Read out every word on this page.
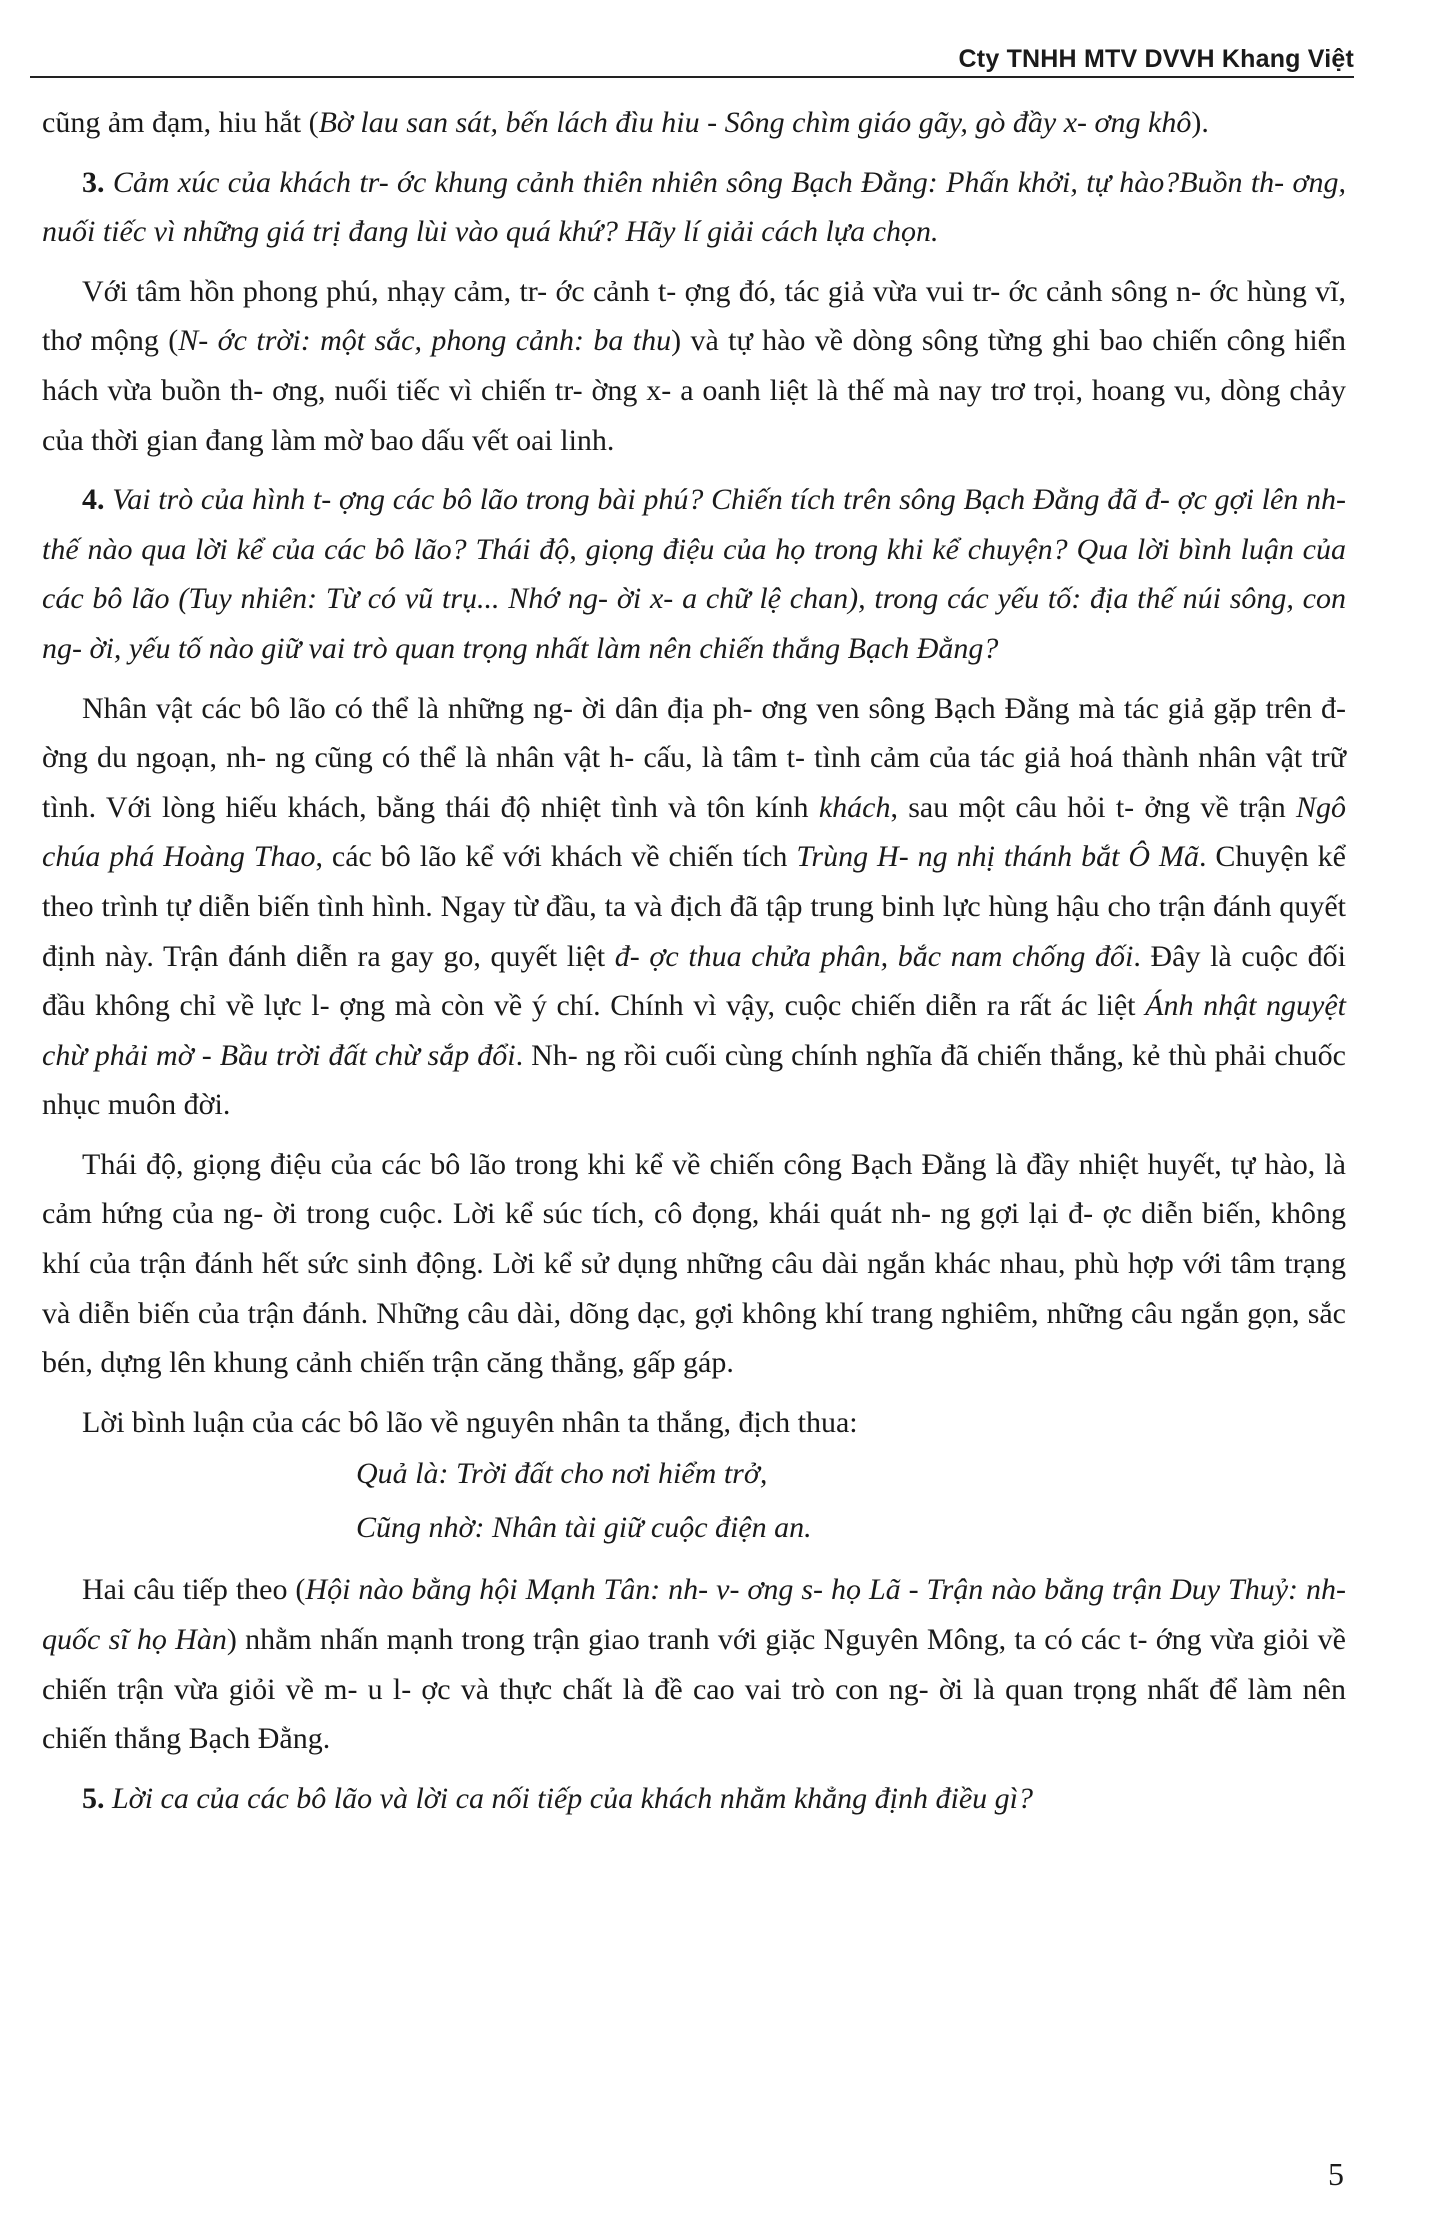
Cty TNHH MTV DVVH Khang Việt

cũng ảm đạm, hiu hắt (Bờ lau san sát, bến lách đìu hiu - Sông chìm giáo gãy, gò đầy x- ơng khô).

3. Cảm xúc của khách tr- ớc khung cảnh thiên nhiên sông Bạch Đằng: Phấn khởi, tự hào?Buồn th- ơng, nuối tiếc vì những giá trị đang lùi vào quá khứ? Hãy lí giải cách lựa chọn.

Với tâm hồn phong phú, nhạy cảm, tr- ớc cảnh t- ợng đó, tác giả vừa vui tr- ớc cảnh sông n- ớc hùng vĩ, thơ mộng (N- ớc trời: một sắc, phong cảnh: ba thu) và tự hào về dòng sông từng ghi bao chiến công hiển hách vừa buồn th- ơng, nuối tiếc vì chiến tr- ờng x- a oanh liệt là thế mà nay trơ trọi, hoang vu, dòng chảy của thời gian đang làm mờ bao dấu vết oai linh.

4. Vai trò của hình t- ợng các bô lão trong bài phú? Chiến tích trên sông Bạch Đằng đã đ- ợc gợi lên nh- thế nào qua lời kể của các bô lão? Thái độ, giọng điệu của họ trong khi kể chuyện? Qua lời bình luận của các bô lão (Tuy nhiên: Từ có vũ trụ... Nhớ ng- ời x- a chữ lệ chan), trong các yếu tố: địa thế núi sông, con ng- ời, yếu tố nào giữ vai trò quan trọng nhất làm nên chiến thắng Bạch Đằng?

Nhân vật các bô lão có thể là những ng- ời dân địa ph- ơng ven sông Bạch Đằng mà tác giả gặp trên đ- ờng du ngoạn, nh- ng cũng có thể là nhân vật h- cấu, là tâm t- tình cảm của tác giả hoá thành nhân vật trữ tình. Với lòng hiếu khách, bằng thái độ nhiệt tình và tôn kính khách, sau một câu hỏi t- ởng về trận Ngô chúa phá Hoàng Thao, các bô lão kể với khách về chiến tích Trùng H- ng nhị thánh bắt Ô Mã. Chuyện kể theo trình tự diễn biến tình hình. Ngay từ đầu, ta và địch đã tập trung binh lực hùng hậu cho trận đánh quyết định này. Trận đánh diễn ra gay go, quyết liệt đ- ợc thua chửa phân, bắc nam chống đối. Đây là cuộc đối đầu không chỉ về lực l- ợng mà còn về ý chí. Chính vì vậy, cuộc chiến diễn ra rất ác liệt Ánh nhật nguyệt chừ phải mờ - Bầu trời đất chừ sắp đổi. Nh- ng rồi cuối cùng chính nghĩa đã chiến thắng, kẻ thù phải chuốc nhục muôn đời.

Thái độ, giọng điệu của các bô lão trong khi kể về chiến công Bạch Đằng là đầy nhiệt huyết, tự hào, là cảm hứng của ng- ời trong cuộc. Lời kể súc tích, cô đọng, khái quát nh- ng gợi lại đ- ợc diễn biến, không khí của trận đánh hết sức sinh động. Lời kể sử dụng những câu dài ngắn khác nhau, phù hợp với tâm trạng và diễn biến của trận đánh. Những câu dài, dõng dạc, gợi không khí trang nghiêm, những câu ngắn gọn, sắc bén, dựng lên khung cảnh chiến trận căng thẳng, gấp gáp.

Lời bình luận của các bô lão về nguyên nhân ta thắng, địch thua:

Quả là: Trời đất cho nơi hiểm trở,
Cũng nhờ: Nhân tài giữ cuộc điện an.

Hai câu tiếp theo (Hội nào bằng hội Mạnh Tân: nh- v- ơng s- họ Lã - Trận nào bằng trận Duy Thuỷ: nh- quốc sĩ họ Hàn) nhằm nhấn mạnh trong trận giao tranh với giặc Nguyên Mông, ta có các t- ớng vừa giỏi về chiến trận vừa giỏi về m- u l- ợc và thực chất là đề cao vai trò con ng- ời là quan trọng nhất để làm nên chiến thắng Bạch Đằng.

5. Lời ca của các bô lão và lời ca nối tiếp của khách nhằm khẳng định điều gì?

5
